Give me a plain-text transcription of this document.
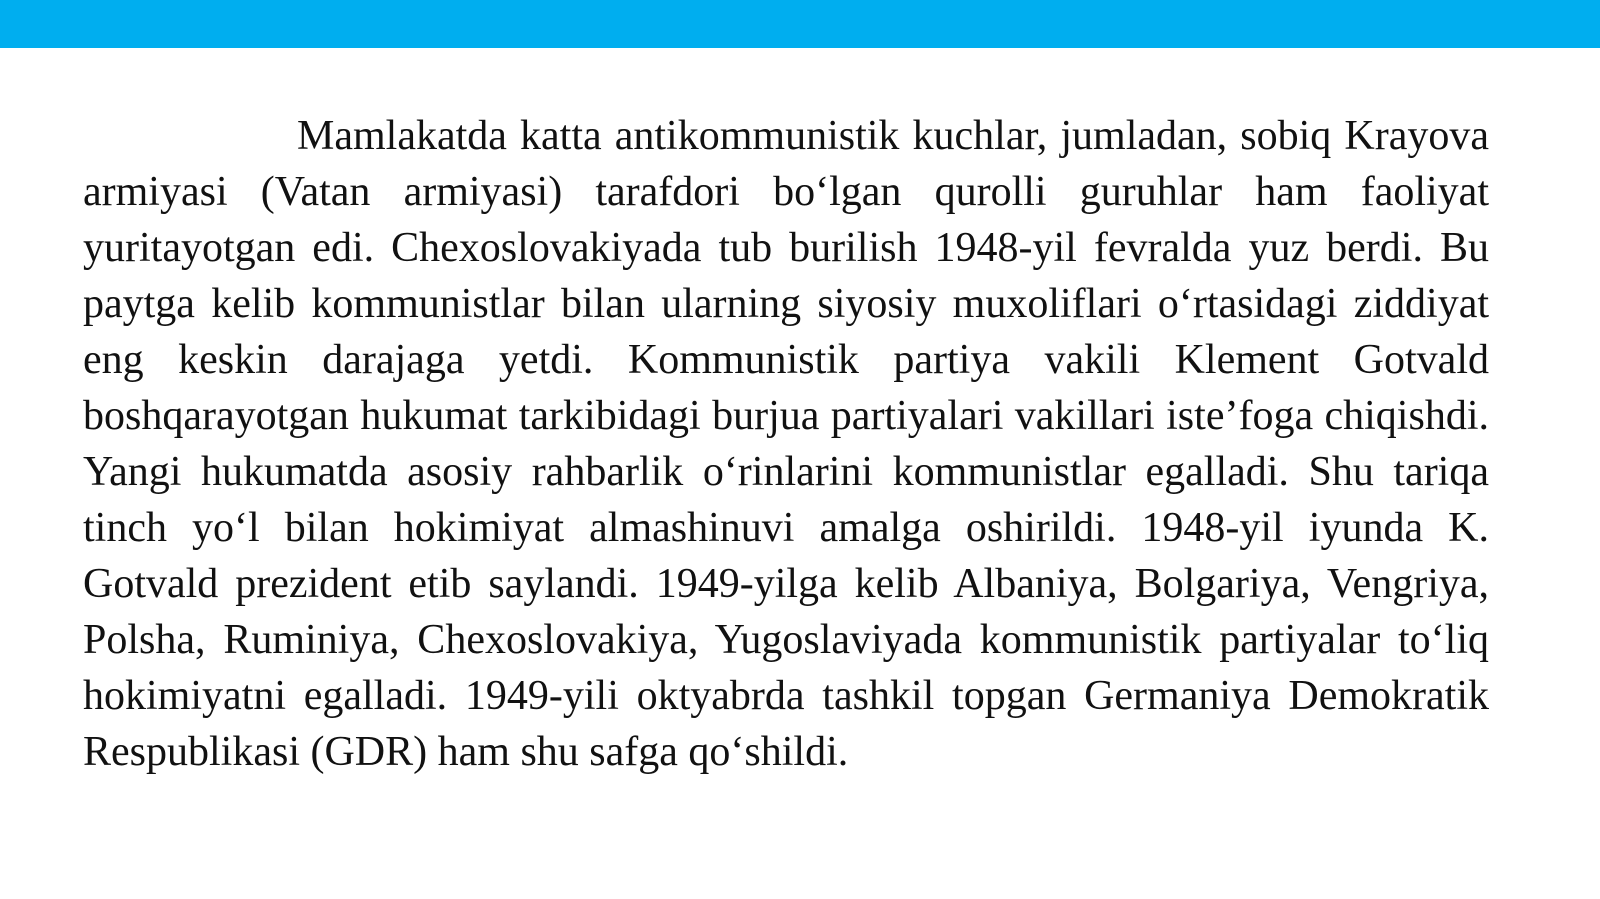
Mamlakatda katta antikommunistik kuchlar, jumladan, sobiq Krayova armiyasi (Vatan armiyasi) tarafdori bo‘lgan qurolli guruhlar ham faoliyat yuritayotgan edi. Chexoslovakiyada tub burilish 1948-yil fevralda yuz berdi. Bu paytga kelib kommunistlar bilan ularning siyosiy muxoliflari o‘rtasidagi ziddiyat eng keskin darajaga yetdi. Kommunistik partiya vakili Klement Gotvald boshqarayotgan hukumat tarkibidagi burjua partiyalari vakillari iste’foga chiqishdi. Yangi hukumatda asosiy rahbarlik o‘rinlarini kommunistlar egalladi. Shu tariqa tinch yo‘l bilan hokimiyat almashinuvi amalga oshirildi. 1948-yil iyunda K. Gotvald prezident etib saylandi. 1949-yilga kelib Albaniya, Bolgariya, Vengriya, Polsha, Ruminiya, Chexoslovakiya, Yugoslaviyada kommunistik partiyalar to‘liq hokimiyatni egalladi. 1949-yili oktyabrda tashkil topgan Germaniya Demokratik Respublikasi (GDR) ham shu safga qo‘shildi.
